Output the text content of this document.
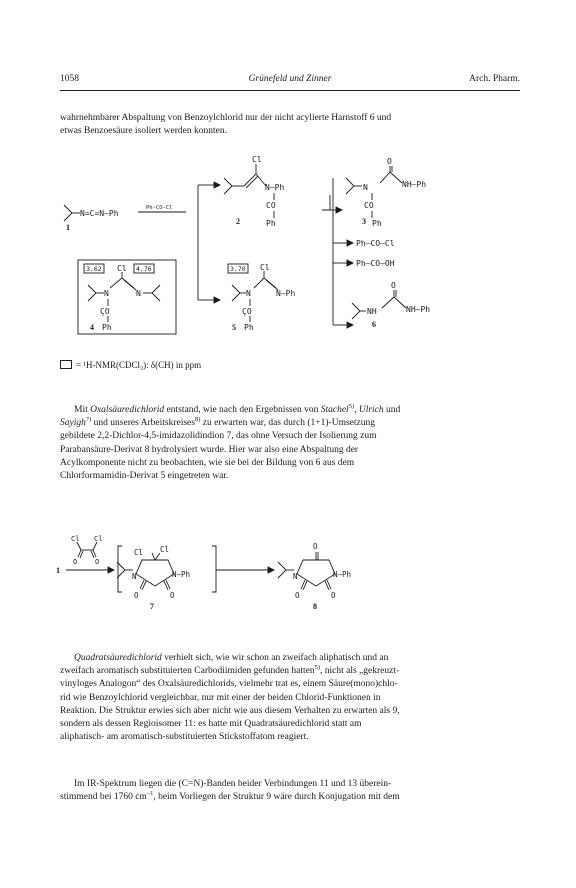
1058	Grünefeld und Zinner	Arch. Pharm.
wahrnehmbarer Abspaltung von Benzoylchlorid nur der nicht acylierte Harnstoff 6 und
etwas Benzoesäure isoliert werden konnten.
N=C=N–Ph
1
Ph-CO-Cl
Cl
N–Ph
CO
Ph
2
O
N	NH–Ph
CO
Ph
3
Ph–CO–Cl
Ph–CO–OH
O
NH	NH–Ph
6
3.62	4.76
Cl
N	N
ÇO
Ph
4
3.70 Cl
N	N–Ph
ÇO
Ph
5
= ¹H-NMR(CDCl₃): δ(CH) in ppm
Mit Oxalsäuredichlorid entstand, wie nach den Ergebnissen von Stachel$^{5)}$, Ulrich und
Sayigh$^{7)}$ und unseres Arbeitskreises$^{8)}$ zu erwarten war, das durch (1+1)-Umsetzung
gebildete 2,2-Dichlor-4,5-imidazolidindion 7, das ohne Versuch der Isolierung zum
Parabansäure-Derivat 8 hydrolysiert wurde. Hier war also eine Abspaltung der
Acylkomponente nicht zu beobachten, wie sie bei der Bildung von 6 aus dem
Chlorformamidin-Derivat 5 eingetreten war.
Cl Cl
O	O
1
Cl Cl
N	N–Ph
O	O
7
O
N	N–Ph
O	O
8
Quadratsäuredichlorid verhielt sich, wie wir schon an zweifach aliphatisch und an
zweifach aromatisch substituierten Carbodiimiden gefunden hatten$^{5)}$, nicht als „gekreuzt-
vinyloges Analogon“ des Oxalsäuredichlorids, vielmehr trat es, einem Säure(mono)chlo-
rid wie Benzoylchlorid vergleichbar, nur mit einer der beiden Chlorid-Funktionen in
Reaktion. Die Struktur erwies sich aber nicht wie aus diesem Verhalten zu erwarten als 9,
sondern als dessen Regioisomer 11: es hatte mit Quadratsäuredichlorid statt am
aliphatisch- am aromatisch-substituierten Stickstoffatom reagiert.
Im IR-Spektrum liegen die (C=N)-Banden beider Verbindungen 11 und 13 überein-
stimmend bei 1760 $cm^{-1}$, beim Vorliegen der Struktur 9 wäre durch Konjugation mit dem
